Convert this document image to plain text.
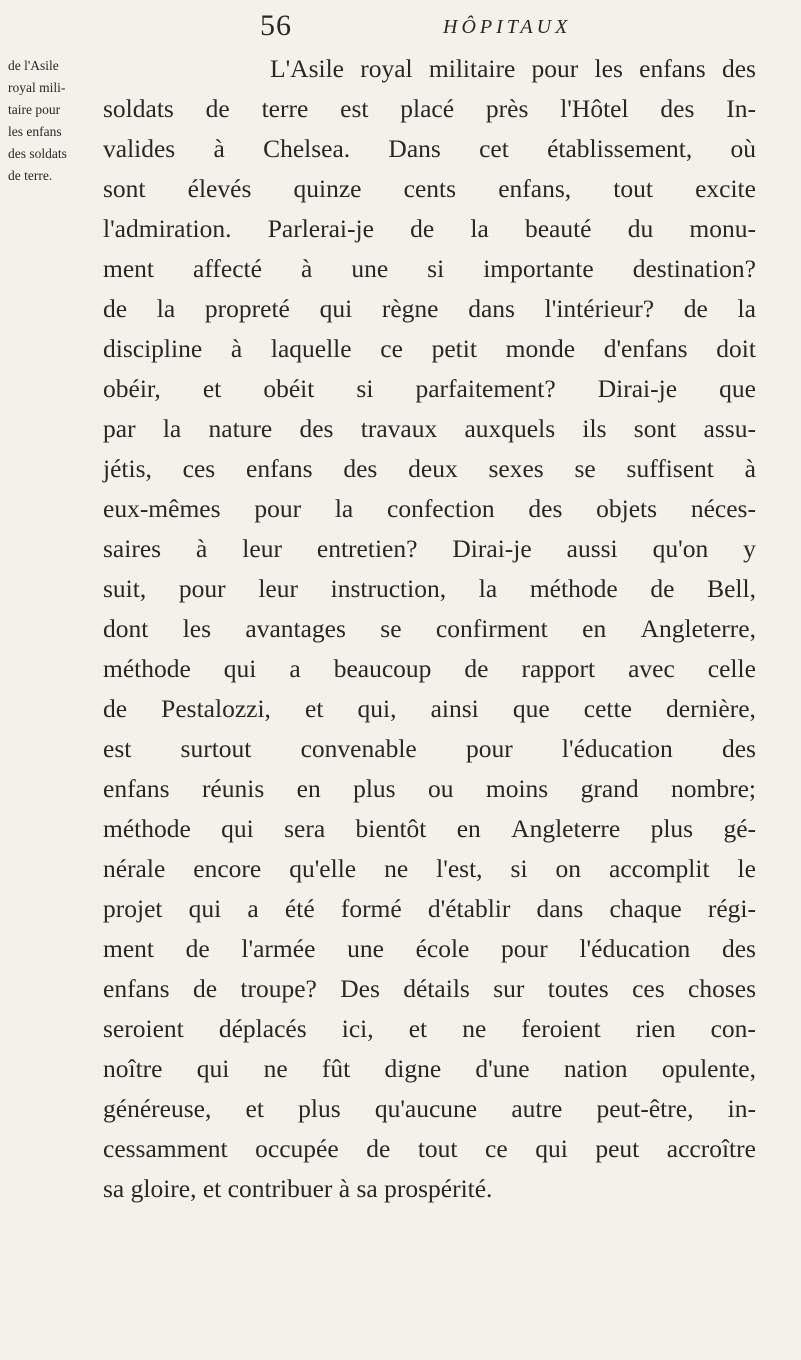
56	HÔPITAUX
de l'Asile
royal mili-
taire pour
les enfans
des soldats
de terre.
L'Asile royal militaire pour les enfans des
soldats de terre est placé près l'Hôtel des In-
valides à Chelsea. Dans cet établissement, où
sont élevés quinze cents enfans, tout excite
l'admiration. Parlerai-je de la beauté du monu-
ment affecté à une si importante destination?
de la propreté qui règne dans l'intérieur? de la
discipline à laquelle ce petit monde d'enfans doit
obéir, et obéit si parfaitement? Dirai-je que
par la nature des travaux auxquels ils sont assu-
jétis, ces enfans des deux sexes se suffisent à
eux-mêmes pour la confection des objets néces-
saires à leur entretien? Dirai-je aussi qu'on y
suit, pour leur instruction, la méthode de Bell,
dont les avantages se confirment en Angleterre,
méthode qui a beaucoup de rapport avec celle
de Pestalozzi, et qui, ainsi que cette dernière,
est surtout convenable pour l'éducation des
enfans réunis en plus ou moins grand nombre;
méthode qui sera bientôt en Angleterre plus gé-
nérale encore qu'elle ne l'est, si on accomplit le
projet qui a été formé d'établir dans chaque régi-
ment de l'armée une école pour l'éducation des
enfans de troupe? Des détails sur toutes ces choses
seroient déplacés ici, et ne feroient rien con-
noître qui ne fût digne d'une nation opulente,
généreuse, et plus qu'aucune autre peut-être, in-
cessamment occupée de tout ce qui peut accroître
sa gloire, et contribuer à sa prospérité.
